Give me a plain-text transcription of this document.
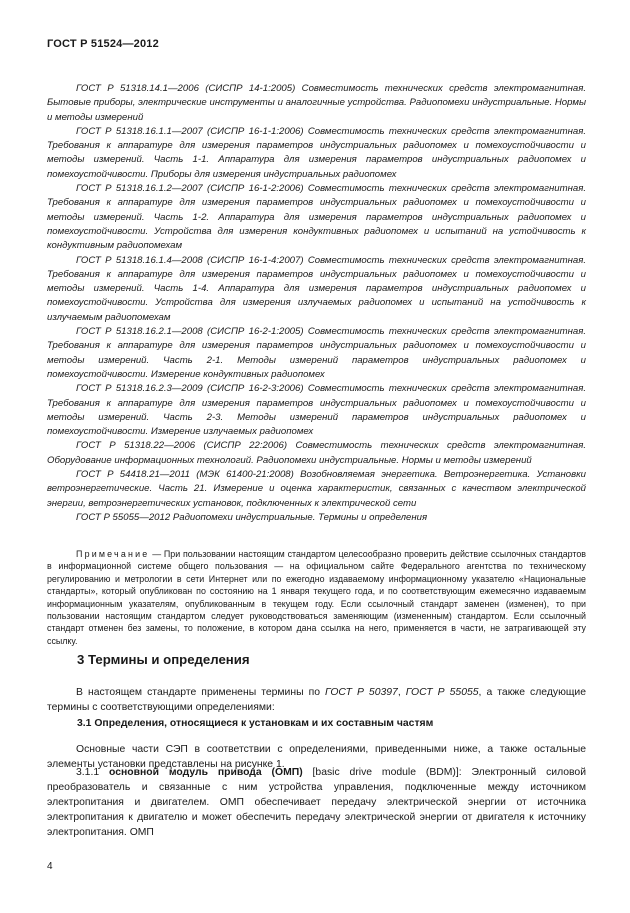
ГОСТ Р 51524—2012

ГОСТ Р 51318.14.1—2006 (СИСПР 14-1:2005) Совместимость технических средств электромагнитная. Бытовые приборы, электрические инструменты и аналогичные устройства. Радиопомехи индустриальные. Нормы и методы измерений

ГОСТ Р 51318.16.1.1—2007 (СИСПР 16-1-1:2006) Совместимость технических средств электромагнитная. Требования к аппаратуре для измерения параметров индустриальных радиопомех и помехоустойчивости и методы измерений. Часть 1-1. Аппаратура для измерения параметров индустриальных радиопомех и помехоустойчивости. Приборы для измерения индустриальных радиопомех

ГОСТ Р 51318.16.1.2—2007 (СИСПР 16-1-2:2006) Совместимость технических средств электромагнитная. Требования к аппаратуре для измерения параметров индустриальных радиопомех и помехоустойчивости и методы измерений. Часть 1-2. Аппаратура для измерения параметров индустриальных радиопомех и помехоустойчивости. Устройства для измерения кондуктивных радиопомех и испытаний на устойчивость к кондуктивным радиопомехам

ГОСТ Р 51318.16.1.4—2008 (СИСПР 16-1-4:2007) Совместимость технических средств электромагнитная. Требования к аппаратуре для измерения параметров индустриальных радиопомех и помехоустойчивости и методы измерений. Часть 1-4. Аппаратура для измерения параметров индустриальных радиопомех и помехоустойчивости. Устройства для измерения излучаемых радиопомех и испытаний на устойчивость к излучаемым радиопомехам

ГОСТ Р 51318.16.2.1—2008 (СИСПР 16-2-1:2005) Совместимость технических средств электромагнитная. Требования к аппаратуре для измерения параметров индустриальных радиопомех и помехоустойчивости и методы измерений. Часть 2-1. Методы измерений параметров индустриальных радиопомех и помехоустойчивости. Измерение кондуктивных радиопомех

ГОСТ Р 51318.16.2.3—2009 (СИСПР 16-2-3:2006) Совместимость технических средств электромагнитная. Требования к аппаратуре для измерения параметров индустриальных радиопомех и помехоустойчивости и методы измерений. Часть 2-3. Методы измерений параметров индустриальных радиопомех и помехоустойчивости. Измерение излучаемых радиопомех

ГОСТ Р 51318.22—2006 (СИСПР 22:2006) Совместимость технических средств электромагнитная. Оборудование информационных технологий. Радиопомехи индустриальные. Нормы и методы измерений

ГОСТ Р 54418.21—2011 (МЭК 61400-21:2008) Возобновляемая энергетика. Ветроэнергетика. Установки ветроэнергетические. Часть 21. Измерение и оценка характеристик, связанных с качеством электрической энергии, ветроэнергетических установок, подключенных к электрической сети

ГОСТ Р 55055—2012 Радиопомехи индустриальные. Термины и определения

Примечание — При пользовании настоящим стандартом целесообразно проверить действие ссылочных стандартов в информационной системе общего пользования — на официальном сайте Федерального агентства по техническому регулированию и метрологии в сети Интернет или по ежегодно издаваемому информационному указателю «Национальные стандарты», который опубликован по состоянию на 1 января текущего года, и по соответствующим ежемесячно издаваемым информационным указателям, опубликованным в текущем году. Если ссылочный стандарт заменен (изменен), то при пользовании настоящим стандартом следует руководствоваться заменяющим (измененным) стандартом. Если ссылочный стандарт отменен без замены, то положение, в котором дана ссылка на него, применяется в части, не затрагивающей эту ссылку.

3 Термины и определения

В настоящем стандарте применены термины по ГОСТ Р 50397, ГОСТ Р 55055, а также следующие термины с соответствующими определениями:

3.1 Определения, относящиеся к установкам и их составным частям

Основные части СЭП в соответствии с определениями, приведенными ниже, а также остальные элементы установки представлены на рисунке 1.

3.1.1 основной модуль привода (ОМП) [basic drive module (BDM)]: Электронный силовой преобразователь и связанные с ним устройства управления, подключенные между источником электропитания и двигателем. ОМП обеспечивает передачу электрической энергии от источника электропитания к двигателю и может обеспечить передачу электрической энергии от двигателя к источнику электропитания. ОМП

4
